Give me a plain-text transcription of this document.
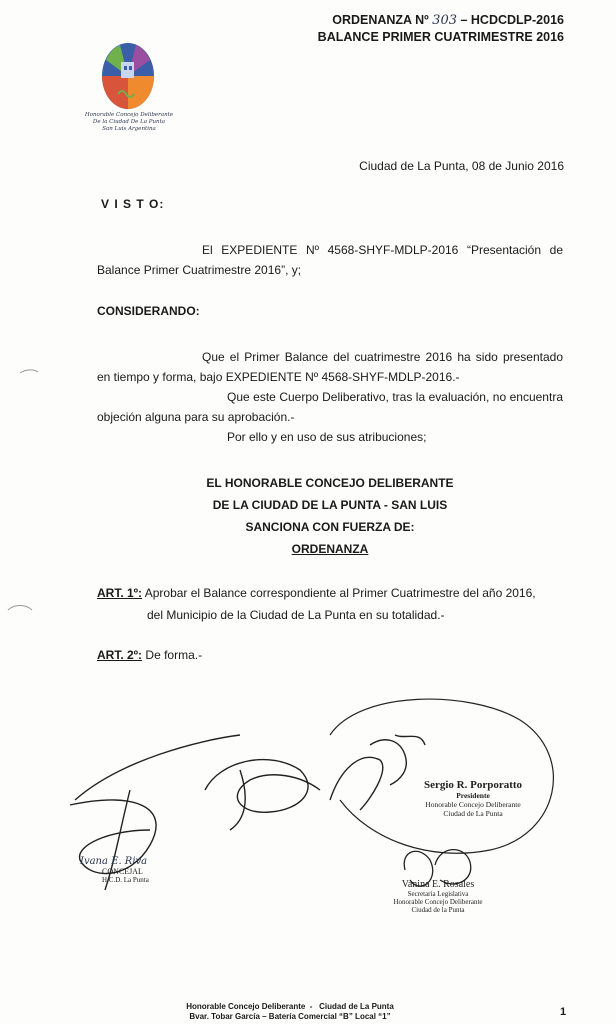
ORDENANZA Nº 303 – HCDCDLP-2016
BALANCE PRIMER CUATRIMESTRE 2016
Honorable Concejo Deliberante
De la Ciudad De La Punta
San Luis Argentina
Ciudad de La Punta, 08 de Junio 2016
V I S T O:
El EXPEDIENTE Nº 4568-SHYF-MDLP-2016 “Presentación de
Balance Primer Cuatrimestre 2016”, y;
CONSIDERANDO:
Que el Primer Balance del cuatrimestre 2016 ha sido presentado
en tiempo y forma, bajo EXPEDIENTE Nº 4568-SHYF-MDLP-2016.-
Que este Cuerpo Deliberativo, tras la evaluación, no encuentra
objeción alguna para su aprobación.-
Por ello y en uso de sus atribuciones;
EL HONORABLE CONCEJO DELIBERANTE
DE LA CIUDAD DE LA PUNTA - SAN LUIS
SANCIONA CON FUERZA DE:
ORDENANZA
ART. 1º: Aprobar el Balance correspondiente al Primer Cuatrimestre del año 2016,
del Municipio de la Ciudad de La Punta en su totalidad.-
ART. 2º: De forma.-
Sergio R. Porporatto
Presidente
Honorable Concejo Deliberante
Ciudad de La Punta
Vanina E. Rosales
Secretaria Legislativa
Honorable Concejo Deliberante
Ciudad de la Punta
Ivana E. Riva
CONCEJAL
H.C.D. La Punta
Honorable Concejo Deliberante  -   Ciudad de La Punta
Bvar. Tobar García – Batería Comercial “B” Local “1”	1
